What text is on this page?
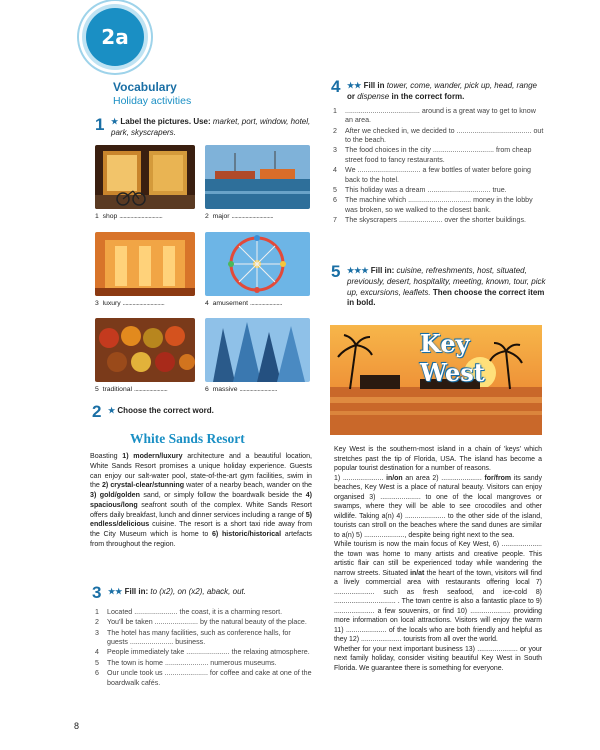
2a
Vocabulary
Holiday activities
1 ★ Label the pictures. Use: market, port, window, hotel, park, skyscrapers.
1 shop ...............................	2 major ..............................
3 luxury ..............................	4 amusement .......................
5 traditional ........................	6 massive ...........................
2 ★ Choose the correct word.
White Sands Resort
Boasting 1) modern/luxury architecture and a beautiful location, White Sands Resort promises a unique holiday experience. Guests can enjoy our salt-water pool, state-of-the-art gym facilities, swim in the 2) crystal-clear/stunning water of a nearby beach, wander on the 3) gold/golden sand, or simply follow the boardwalk beside the 4) spacious/long seafront south of the complex. White Sands Resort offers daily breakfast, lunch and dinner services including a range of 5) endless/delicious cuisine. The resort is a short taxi ride away from the City Museum which is home to 6) historic/historical artefacts from throughout the region.
3 ★★ Fill in: to (x2), on (x2), aback, out.
1	Located ...................... the coast, it is a charming resort.
2	You'll be taken ...................... by the natural beauty of the place.
3	The hotel has many facilities, such as conference halls, for guests ...................... business.
4	People immediately take ...................... the relaxing atmosphere.
5	The town is home ...................... numerous museums.
6	Our uncle took us ...................... for coffee and cake at one of the boardwalk cafés.
4 ★★ Fill in tower, come, wander, pick up, head, range or dispense in the correct form.
1	...................................... around is a great way to get to know an area.
2	After we checked in, we decided to ...................................... out to the beach.
3	The food choices in the city ............................... from cheap street food to fancy restaurants.
4	We ................................ a few bottles of water before going back to the hotel.
5	This holiday was a dream ................................ true.
6	The machine which ................................ money in the lobby was broken, so we walked to the closest bank.
7	The skyscrapers ...................... over the shorter buildings.
5 ★★★ Fill in: cuisine, refreshments, host, situated, previously, desert, hospitality, meeting, known, tour, pick up, excursions, leaflets. Then choose the correct item in bold.
Key West
Key West is the southern-most island in a chain of 'keys' which stretches past the tip of Florida, USA. The island has become a popular tourist destination for a number of reasons.
1) ..................... in/on an area 2) ..................... for/from its sandy beaches, Key West is a place of natural beauty. Visitors can enjoy organised 3) ..................... to one of the local mangroves or swamps, where they will be able to see crocodiles and other wildlife. Taking a(n) 4) ..................... to the other side of the island, tourists can stroll on the beaches where the sand dunes are similar to a(n) 5) ....................., despite being right next to the sea.
While tourism is now the main focus of Key West, 6) ..................... the town was home to many artists and creative people. This artistic flair can still be experienced today while wandering the narrow streets. Situated in/at the heart of the town, visitors will find a lively commercial area with restaurants offering local 7) ..................... such as fresh seafood, and ice-cold 8) ................................ . The town centre is also a fantastic place to 9) ..................... a few souvenirs, or find 10) ..................... providing more information on local attractions. Visitors will enjoy the warm 11) ..................... of the locals who are both friendly and helpful as they 12) ..................... tourists from all over the world.
Whether for your next important business 13) ..................... or your next family holiday, consider visiting beautiful Key West in South Florida. We guarantee there is something for everyone.
8
